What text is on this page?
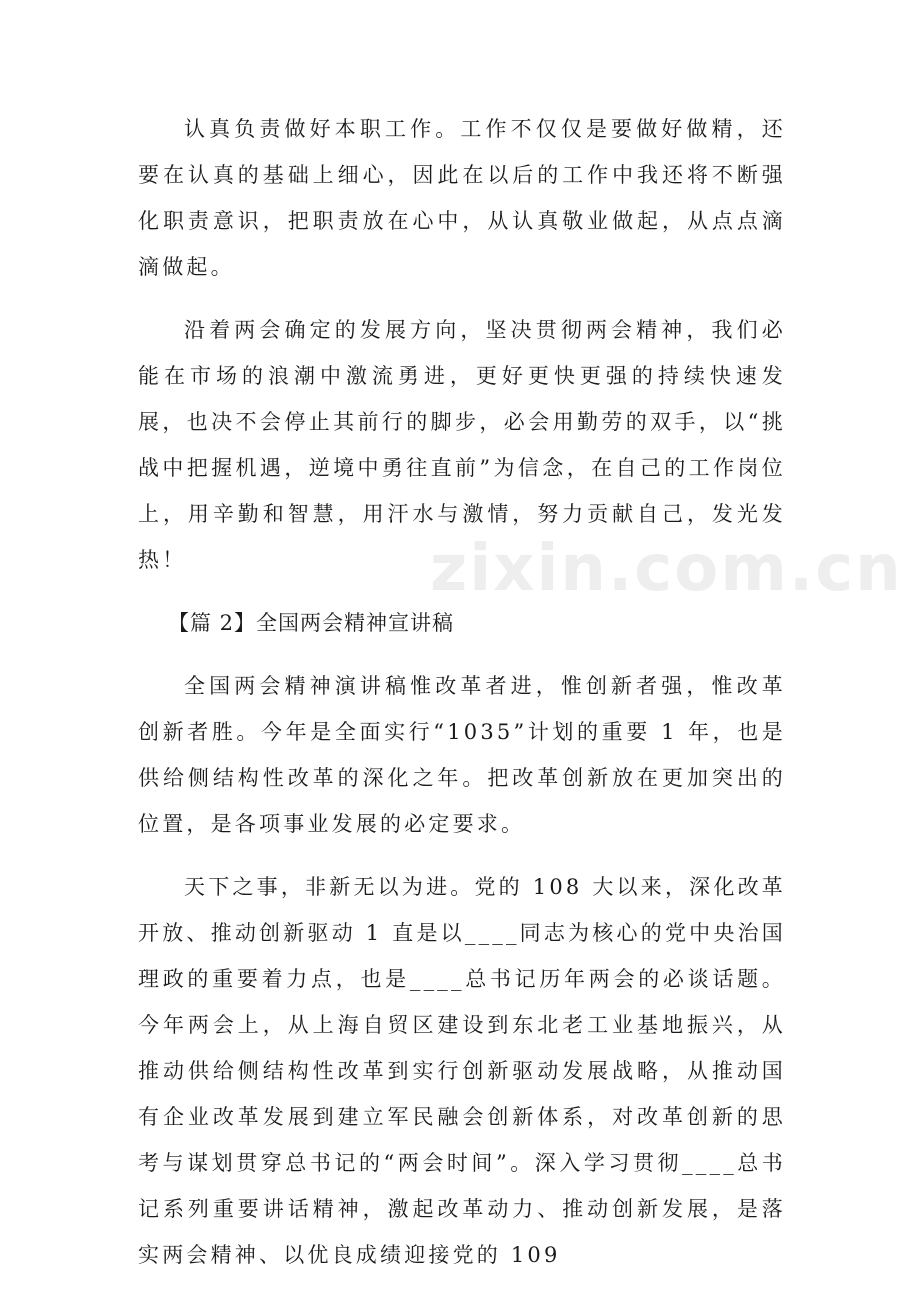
zixin.com.cn

认真负责做好本职工作。工作不仅仅是要做好做精，还要在认真的基础上细心，因此在以后的工作中我还将不断强化职责意识，把职责放在心中，从认真敬业做起，从点点滴滴做起。

沿着两会确定的发展方向，坚决贯彻两会精神，我们必能在市场的浪潮中激流勇进，更好更快更强的持续快速发展，也决不会停止其前行的脚步，必会用勤劳的双手，以“挑战中把握机遇，逆境中勇往直前”为信念，在自己的工作岗位上，用辛勤和智慧，用汗水与激情，努力贡献自己，发光发热！

【篇 2】全国两会精神宣讲稿

全国两会精神演讲稿惟改革者进，惟创新者强，惟改革创新者胜。今年是全面实行“1035”计划的重要 1 年，也是供给侧结构性改革的深化之年。把改革创新放在更加突出的位置，是各项事业发展的必定要求。

天下之事，非新无以为进。党的 108 大以来，深化改革开放、推动创新驱动 1 直是以____同志为核心的党中央治国理政的重要着力点，也是____总书记历年两会的必谈话题。今年两会上，从上海自贸区建设到东北老工业基地振兴，从推动供给侧结构性改革到实行创新驱动发展战略，从推动国有企业改革发展到建立军民融会创新体系，对改革创新的思考与谋划贯穿总书记的“两会时间”。深入学习贯彻____总书记系列重要讲话精神，激起改革动力、推动创新发展，是落实两会精神、以优良成绩迎接党的 109
